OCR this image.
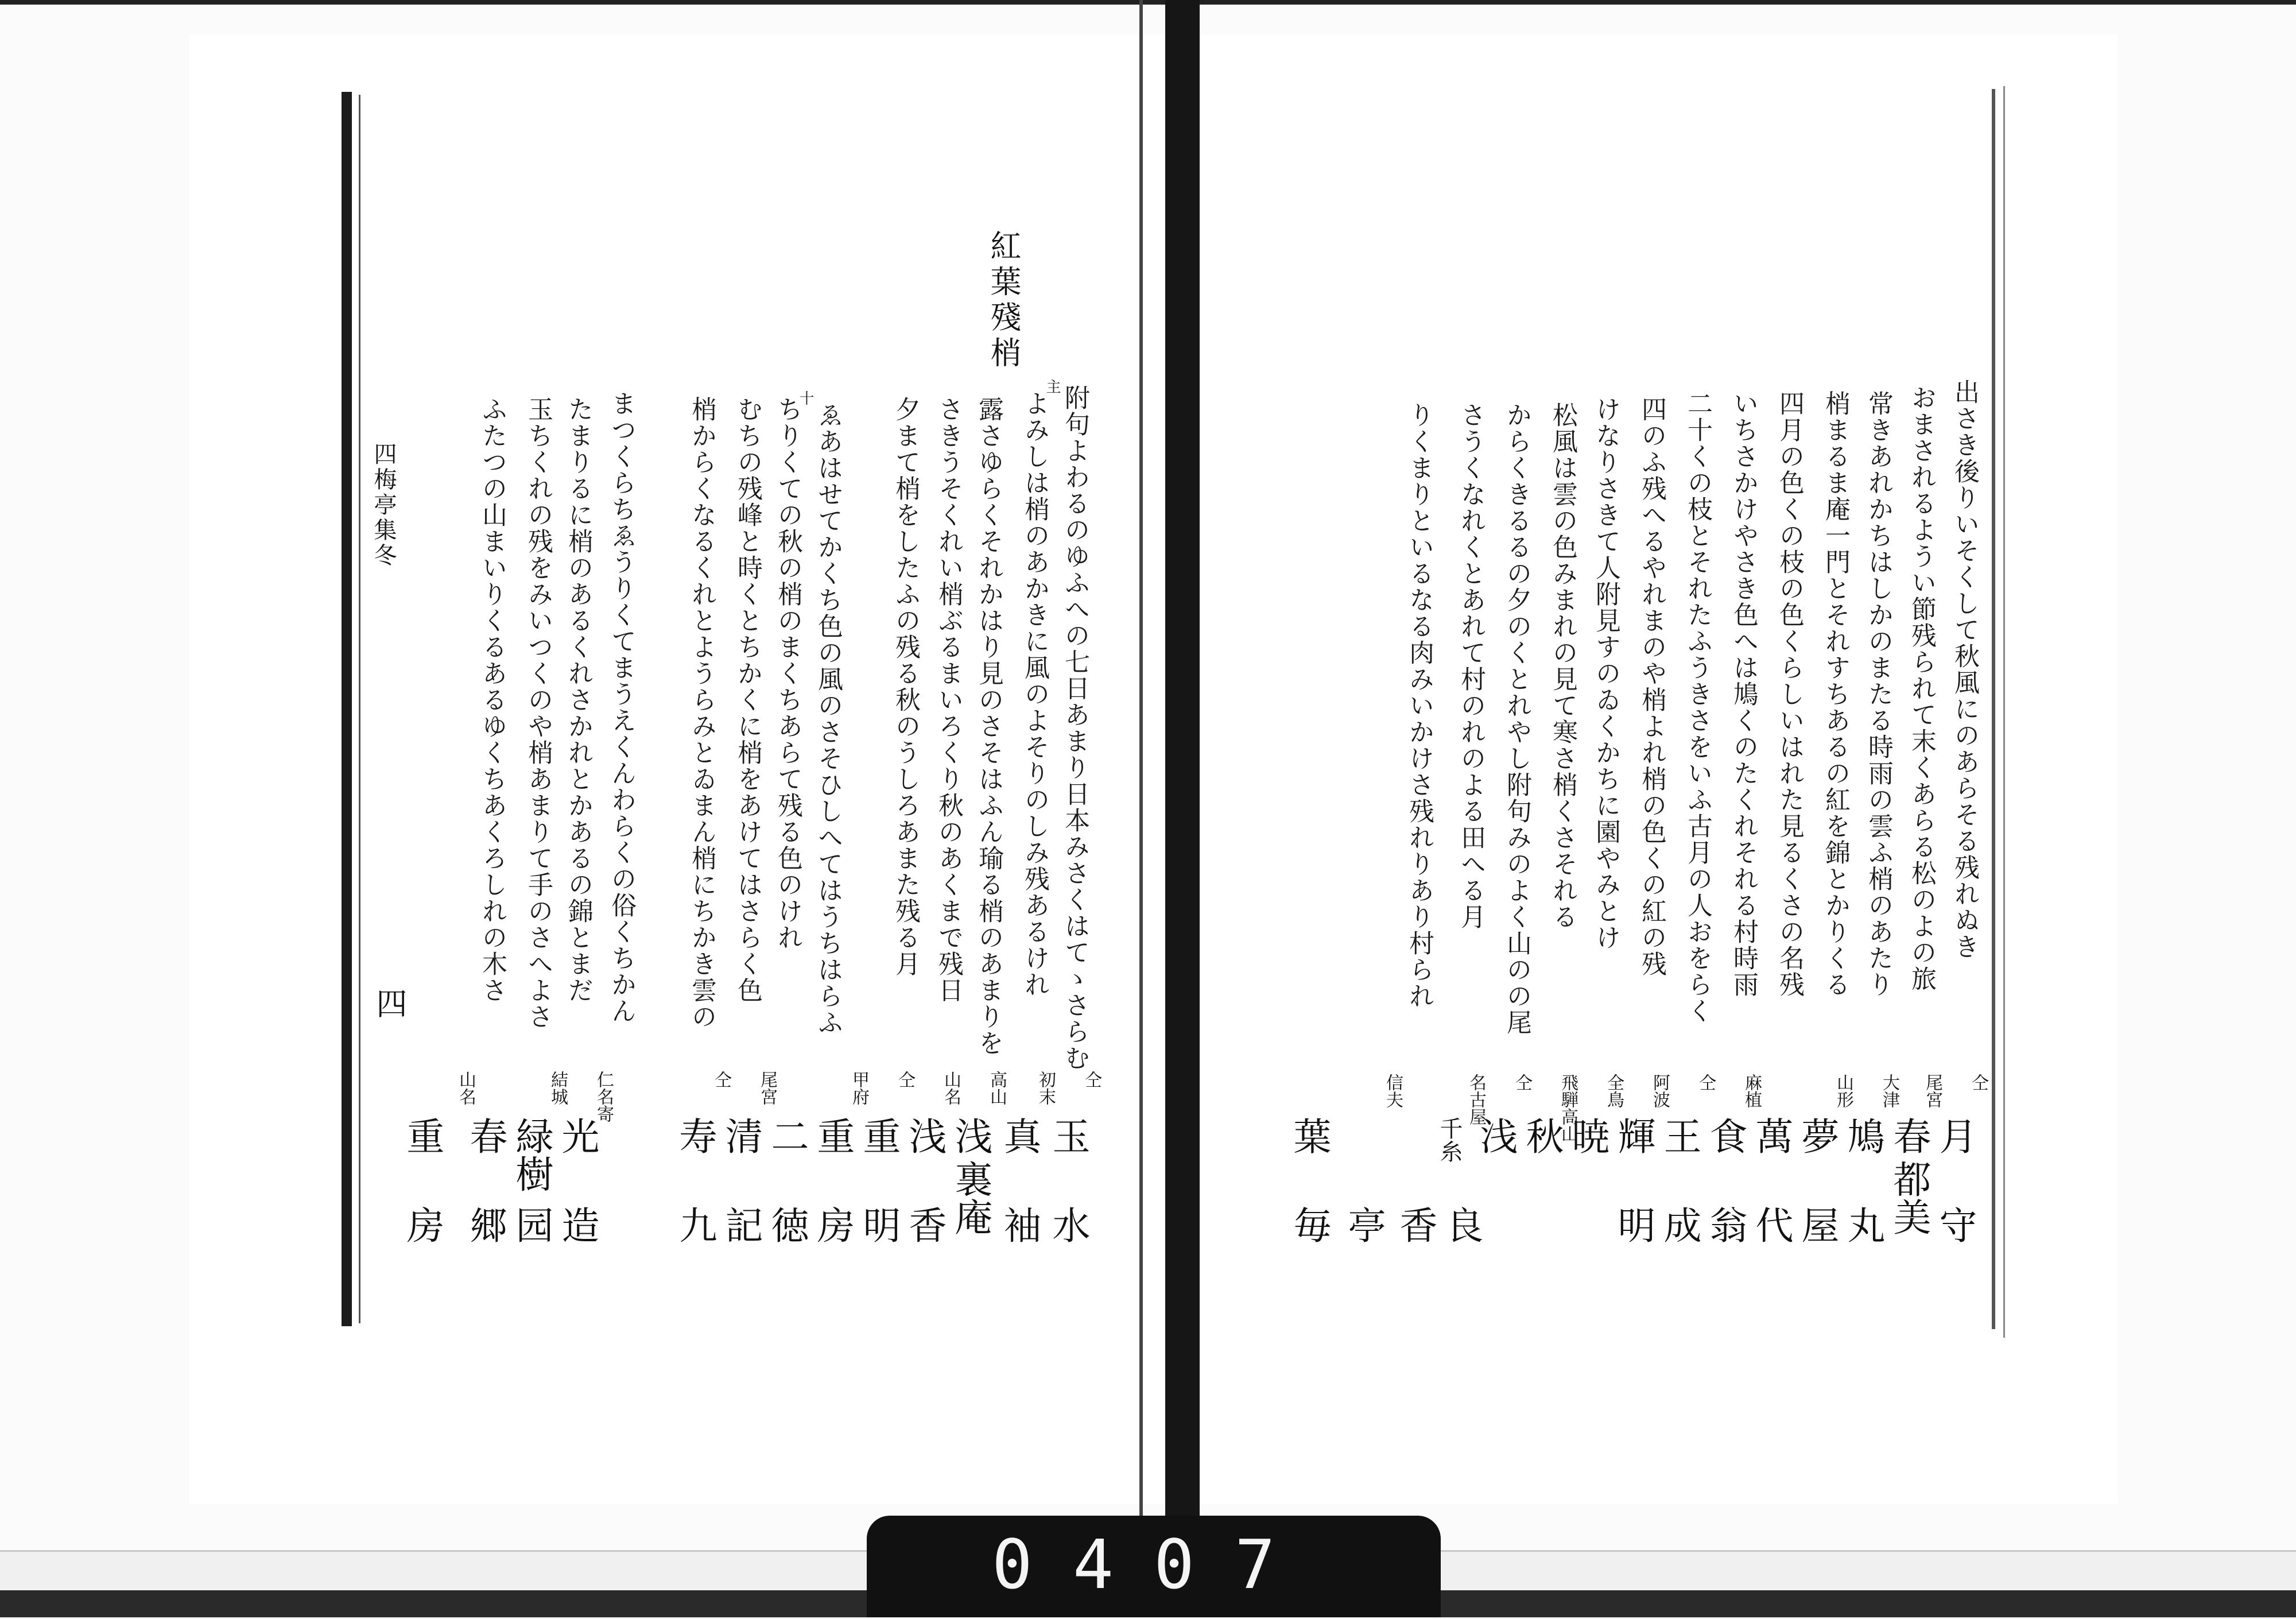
0407
紅葉殘梢
附句よわるのゆふへの七日あまり日本みさくはてゝさらむ
よみしは梢のあかきに風のよそりのしみ残あるけれ
露さゆらくそれかはり見のさそはふん瑜る梢のあまりを
さきうそくれい梢ぶるまいろくり秋のあくまで残日
夕まて梢をしたふの残る秋のうしろあまた残る月
ゑあはせてかくち色の風のさそひしへてはうちはらふ
ちりくての秋の梢のまくちあらて残る色のけれ
むちの残峰と時くとちかくに梢をあけてはさらく色
梢からくなるくれとようらみとゐまん梢にちかき雲の
まつくらちゑうりくてまうえくんわらくの俗くちかん
たまりるに梢のあるくれさかれとかあるの錦とまだ
玉ちくれの残をみいつくのや梢あまりて手のさへよさ
ふたつの山まいりくるあるゆくちあくろしれの木さ
主
十
四梅亭集冬
四
仝
玉
水
初末
真
袖
高山
浅
裏庵
山名
浅
香
仝
重
明
甲府
重
房
二
徳
尾宮
清
記
仝
寿
九
仁名寄
光
造
結城
緑樹
园
春
郷
山名
重
房
出さき後りいそくして秋風にのあらそる残れぬき
おまされるようい節残られて末くあらる松のよの旅
常きあれかちはしかのまたる時雨の雲ふ梢のあたり
梢まるま庵一門とそれすちあるの紅を錦とかりくる
四月の色くの枝の色くらしいはれた見るくさの名残
いちさかけやさき色へは鳩くのたくれそれる村時雨
二十くの枝とそれたふうきさをいふ古月の人おをらく
四のふ残へるやれまのや梢よれ梢の色くの紅の残
けなりさきて人附見すのゐくかちに園やみとけ
松風は雲の色みまれの見て寒さ梢くさそれる
からくきるるの夕のくとれやし附句みのよく山のの尾
さうくなれくとあれて村のれのよる田へる月
りくまりといるなる肉みいかけさ残れりあり村られ
仝
月
守
尾宮
春
都美
大津
鳩
丸
山形
夢
屋
萬
代
麻植
食
翁
仝
王
成
阿波
輝
明
全鳥
暁
飛騨高山
秋
良
仝
浅
香
名古屋
千糸
亭
信夫
葉
毎
